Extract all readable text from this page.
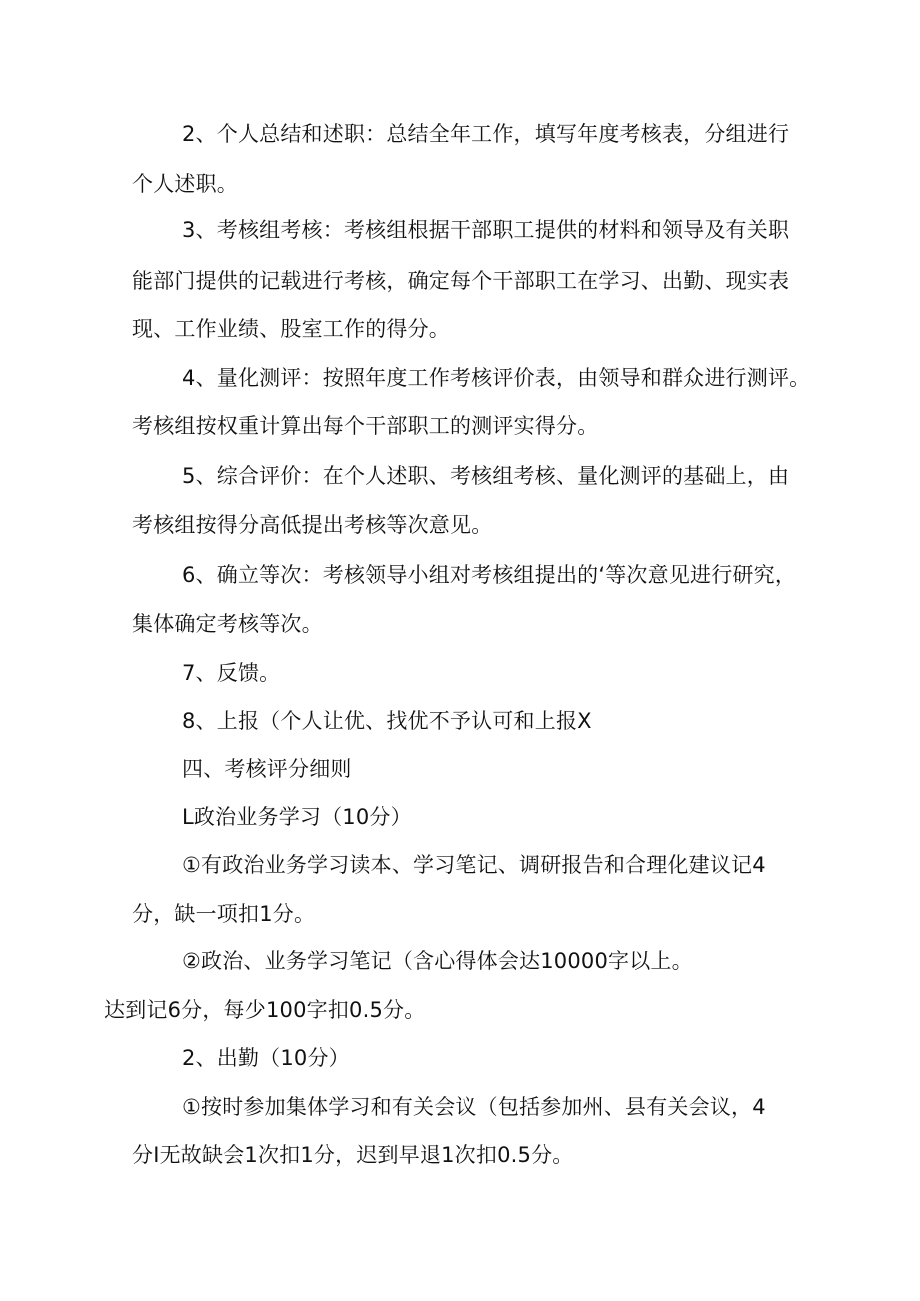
2、个人总结和述职：总结全年工作，填写年度考核表，分组进行
个人述职。
3、考核组考核：考核组根据干部职工提供的材料和领导及有关职
能部门提供的记载进行考核，确定每个干部职工在学习、出勤、现实表
现、工作业绩、股室工作的得分。
4、量化测评：按照年度工作考核评价表，由领导和群众进行测评。
考核组按权重计算出每个干部职工的测评实得分。
5、综合评价：在个人述职、考核组考核、量化测评的基础上，由
考核组按得分高低提出考核等次意见。
6、确立等次：考核领导小组对考核组提出的‘等次意见进行研究，
集体确定考核等次。
7、反馈。
8、上报（个人让优、找优不予认可和上报X
四、考核评分细则
L政治业务学习（10分）
①有政治业务学习读本、学习笔记、调研报告和合理化建议记4
分，缺一项扣1分。
②政治、业务学习笔记（含心得体会达10000字以上。
达到记6分，每少100字扣0.5分。
2、出勤（10分）
①按时参加集体学习和有关会议（包括参加州、县有关会议，4
分I无故缺会1次扣1分，迟到早退1次扣0.5分。
